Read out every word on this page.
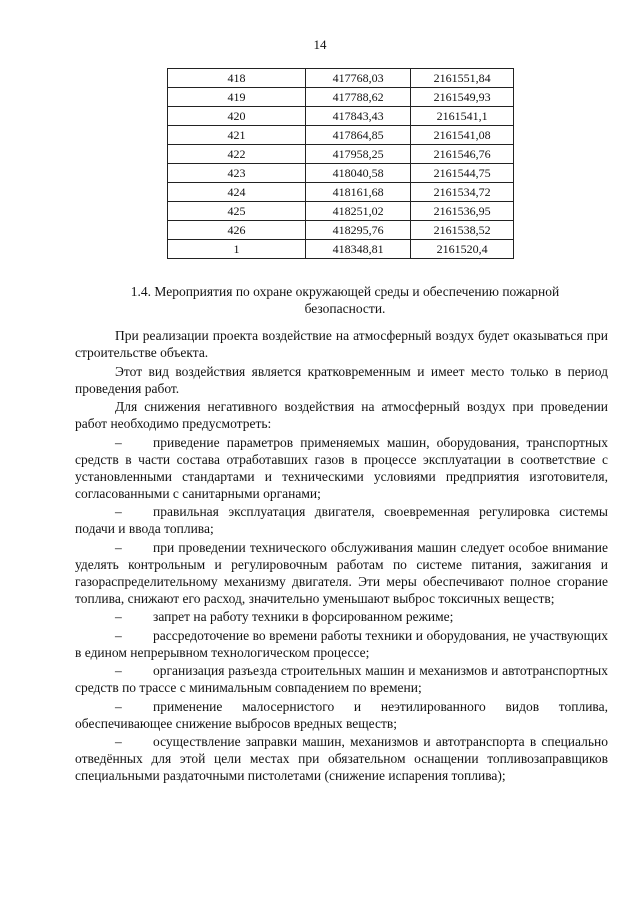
14
418	417768,03	2161551,84
419	417788,62	2161549,93
420	417843,43	2161541,1
421	417864,85	2161541,08
422	417958,25	2161546,76
423	418040,58	2161544,75
424	418161,68	2161534,72
425	418251,02	2161536,95
426	418295,76	2161538,52
1	418348,81	2161520,4
1.4. Мероприятия по охране окружающей среды и обеспечению пожарной безопасности.

При реализации проекта воздействие на атмосферный воздух будет оказываться при строительстве объекта.

Этот вид воздействия является кратковременным и имеет место только в период проведения работ.

Для снижения негативного воздействия на атмосферный воздух при проведении работ необходимо предусмотреть:

– приведение параметров применяемых машин, оборудования, транспортных средств в части состава отработавших газов в процессе эксплуатации в соответствие с установленными стандартами и техническими условиями предприятия изготовителя, согласованными с санитарными органами;

– правильная эксплуатация двигателя, своевременная регулировка системы подачи и ввода топлива;

– при проведении технического обслуживания машин следует особое внимание уделять контрольным и регулировочным работам по системе питания, зажигания и газораспределительному механизму двигателя. Эти меры обеспечивают полное сгорание топлива, снижают его расход, значительно уменьшают выброс токсичных веществ;

– запрет на работу техники в форсированном режиме;

– рассредоточение во времени работы техники и оборудования, не участвующих в едином непрерывном технологическом процессе;

– организация разъезда строительных машин и механизмов и автотранспортных средств по трассе с минимальным совпадением по времени;

– применение малосернистого и неэтилированного видов топлива, обеспечивающее снижение выбросов вредных веществ;

– осуществление заправки машин, механизмов и автотранспорта в специально отведённых для этой цели местах при обязательном оснащении топливозаправщиков специальными раздаточными пистолетами (снижение испарения топлива);
